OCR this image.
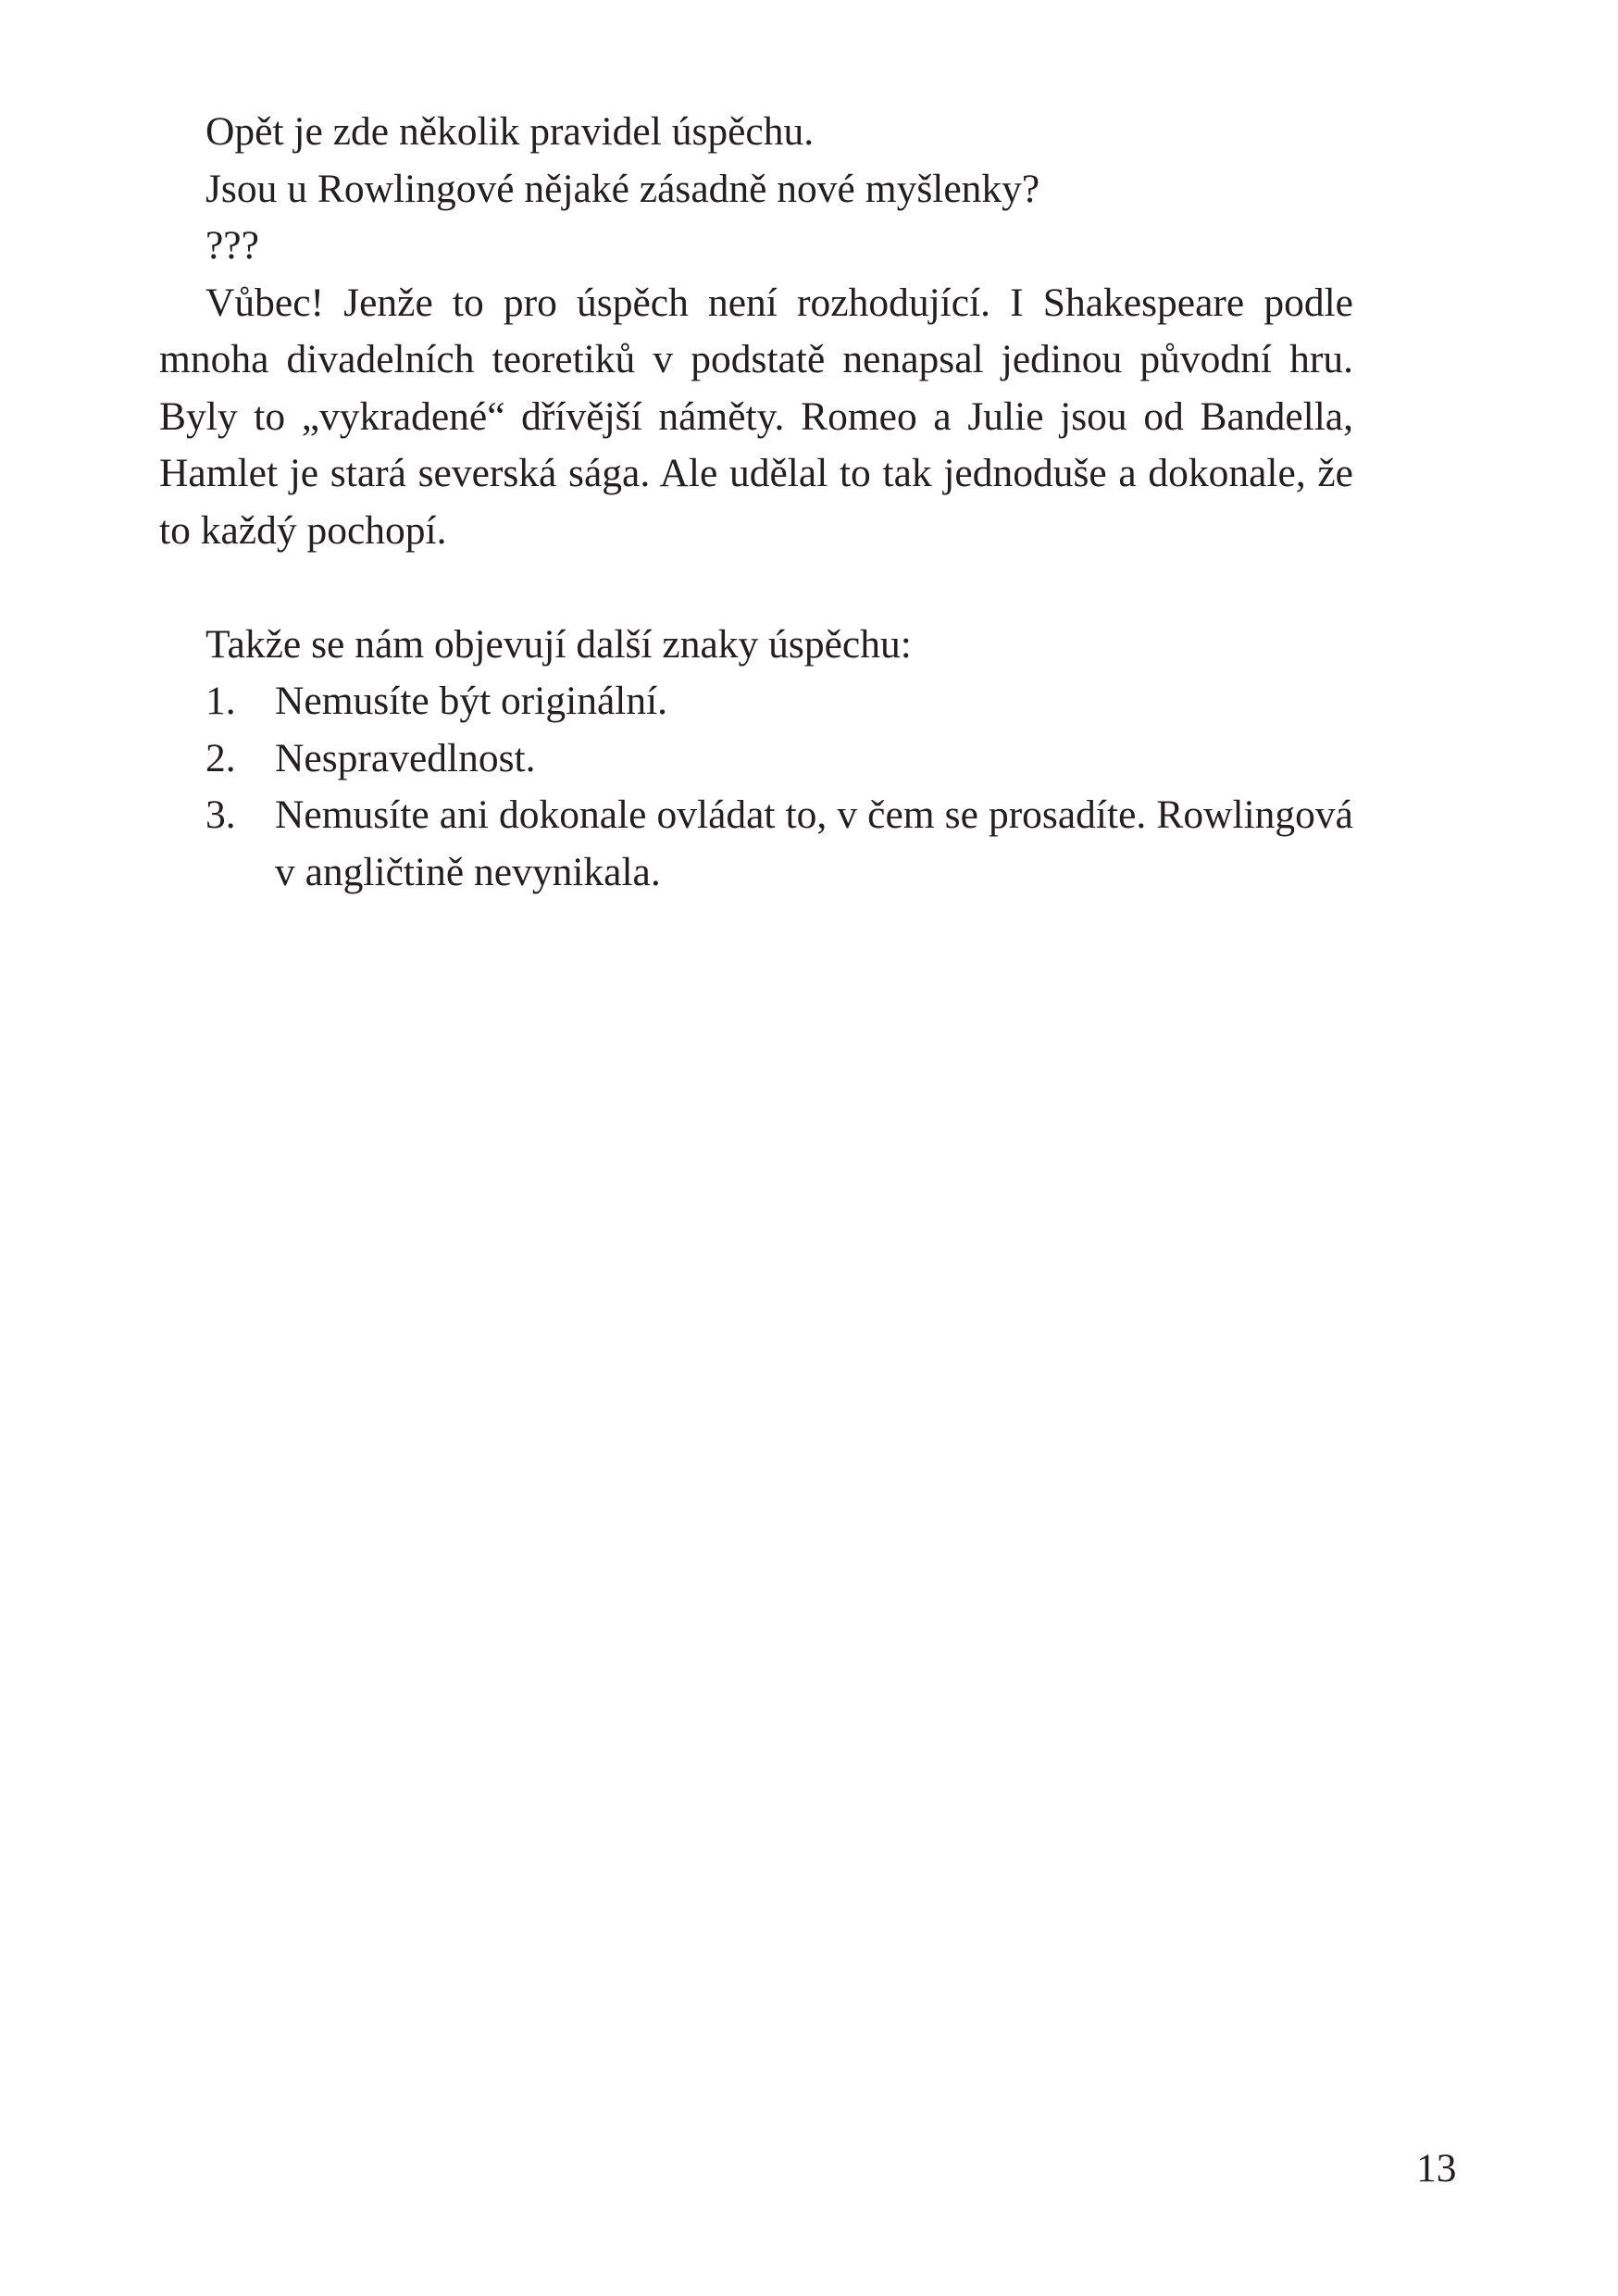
Opět je zde několik pravidel úspěchu.

Jsou u Rowlingové nějaké zásadně nové myšlenky?

???

Vůbec! Jenže to pro úspěch není rozhodující. I Shakespeare podle mnoha divadelních teoretiků v podstatě nenapsal jedinou původní hru. Byly to „vykradené“ dřívější náměty. Romeo a Julie jsou od Bandella, Hamlet je stará severská sága. Ale udělal to tak jednoduše a dokonale, že to každý pochopí.

Takže se nám objevují další znaky úspěchu:

1. Nemusíte být originální.
2. Nespravedlnost.
3. Nemusíte ani dokonale ovládat to, v čem se prosadíte. Rowlingová v angličtině nevynikala.
13
